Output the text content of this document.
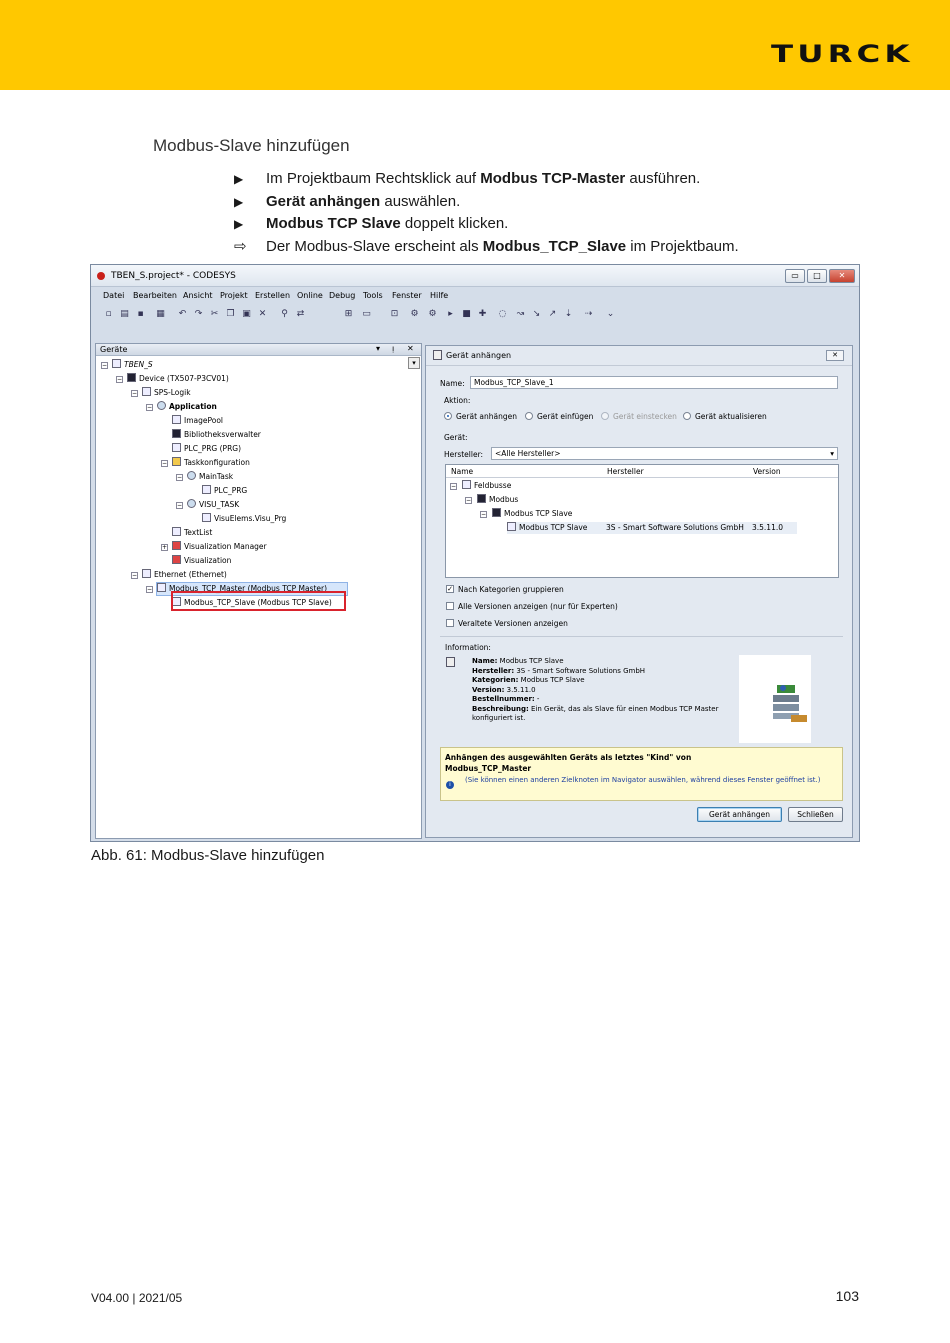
TURCK
Modbus-Slave hinzufügen
▶ Im Projektbaum Rechtsklick auf Modbus TCP-Master ausführen.
▶ Gerät anhängen auswählen.
▶ Modbus TCP Slave doppelt klicken.
⇨ Der Modbus-Slave erscheint als Modbus_TCP_Slave im Projektbaum.
TBEN_S.project* - CODESYS	▭	□	✕
Datei Bearbeiten Ansicht Projekt Erstellen Online Debug Tools Fenster Hilfe
▫ ▤ ▪ ▦ ↶ ↷ ✂ ❐ ▣ ✕ ⚲ ⇄	⊞ ▭ ⊡ ⚙ ⚙	▸	■ ✚ ◌ ↝ ↘ ↗ ⇣ ⇢ ⌄
Geräte	▾ ᴉ ✕
▾
−	TBEN_S
−	Device (TX507-P3CV01)
−	SPS-Logik
−	Application
ImagePool
Bibliotheksverwalter
PLC_PRG (PRG)
−	Taskkonfiguration
−	MainTask
PLC_PRG
−	VISU_TASK
VisuElems.Visu_Prg
TextList
+	Visualization Manager
Visualization
−	Ethernet (Ethernet)
−	Modbus_TCP_Master (Modbus TCP Master)
Modbus_TCP_Slave (Modbus TCP Slave)
Gerät anhängen	✕
Name:	Modbus_TCP_Slave_1
Aktion:
Gerät anhängen	Gerät einfügen	Gerät einstecken Gerät aktualisieren
Gerät:
Hersteller:	<Alle Hersteller>	▾
Name	Hersteller	Version
−	Feldbusse
−	Modbus
−	Modbus TCP Slave
Modbus TCP Slave 3S - Smart Software Solutions GmbH 3.5.11.0
✓ Nach Kategorien gruppieren
Alle Versionen anzeigen (nur für Experten)
Veraltete Versionen anzeigen
Information:
Name: Modbus TCP Slave
Hersteller: 3S - Smart Software Solutions GmbH
Kategorien: Modbus TCP Slave
Version: 3.5.11.0
Bestellnummer: -
Beschreibung: Ein Gerät, das als Slave für einen Modbus TCP Master konfiguriert ist.
Anhängen des ausgewählten Geräts als letztes "Kind" von
Modbus_TCP_Master
i
(Sie können einen anderen Zielknoten im Navigator auswählen, während dieses Fenster geöffnet ist.)
Gerät anhängen	Schließen
Abb. 61: Modbus-Slave hinzufügen
V04.00 | 2021/05	103
